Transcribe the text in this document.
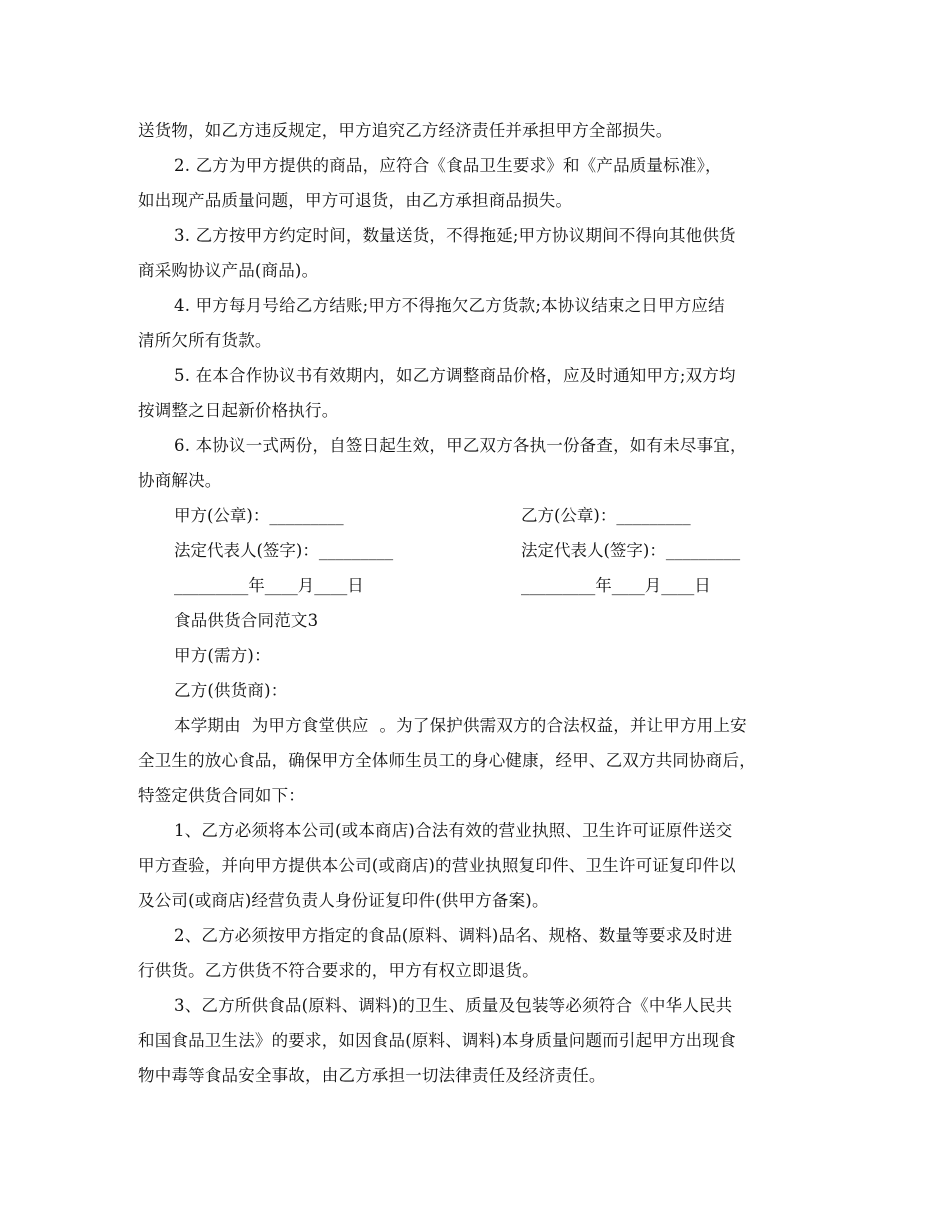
送货物，如乙方违反规定，甲方追究乙方经济责任并承担甲方全部损失。
2. 乙方为甲方提供的商品，应符合《食品卫生要求》和《产品质量标准》，
如出现产品质量问题，甲方可退货，由乙方承担商品损失。
3. 乙方按甲方约定时间，数量送货，不得拖延;甲方协议期间不得向其他供货
商采购协议产品(商品)。
4. 甲方每月号给乙方结账;甲方不得拖欠乙方货款;本协议结束之日甲方应结
清所欠所有货款。
5. 在本合作协议书有效期内，如乙方调整商品价格，应及时通知甲方;双方均
按调整之日起新价格执行。
6. 本协议一式两份，自签日起生效，甲乙双方各执一份备查，如有未尽事宜，
协商解决。
甲方(公章)：_________	乙方(公章)：_________
法定代表人(签字)：_________	法定代表人(签字)：_________
_________年____月____日	_________年____月____日
食品供货合同范文3
甲方(需方)：
乙方(供货商)：
本学期由  为甲方食堂供应  。为了保护供需双方的合法权益，并让甲方用上安
全卫生的放心食品，确保甲方全体师生员工的身心健康，经甲、乙双方共同协商后，
特签定供货合同如下：
1、乙方必须将本公司(或本商店)合法有效的营业执照、卫生许可证原件送交
甲方查验，并向甲方提供本公司(或商店)的营业执照复印件、卫生许可证复印件以
及公司(或商店)经营负责人身份证复印件(供甲方备案)。
2、乙方必须按甲方指定的食品(原料、调料)品名、规格、数量等要求及时进
行供货。乙方供货不符合要求的，甲方有权立即退货。
3、乙方所供食品(原料、调料)的卫生、质量及包装等必须符合《中华人民共
和国食品卫生法》的要求，如因食品(原料、调料)本身质量问题而引起甲方出现食
物中毒等食品安全事故，由乙方承担一切法律责任及经济责任。
